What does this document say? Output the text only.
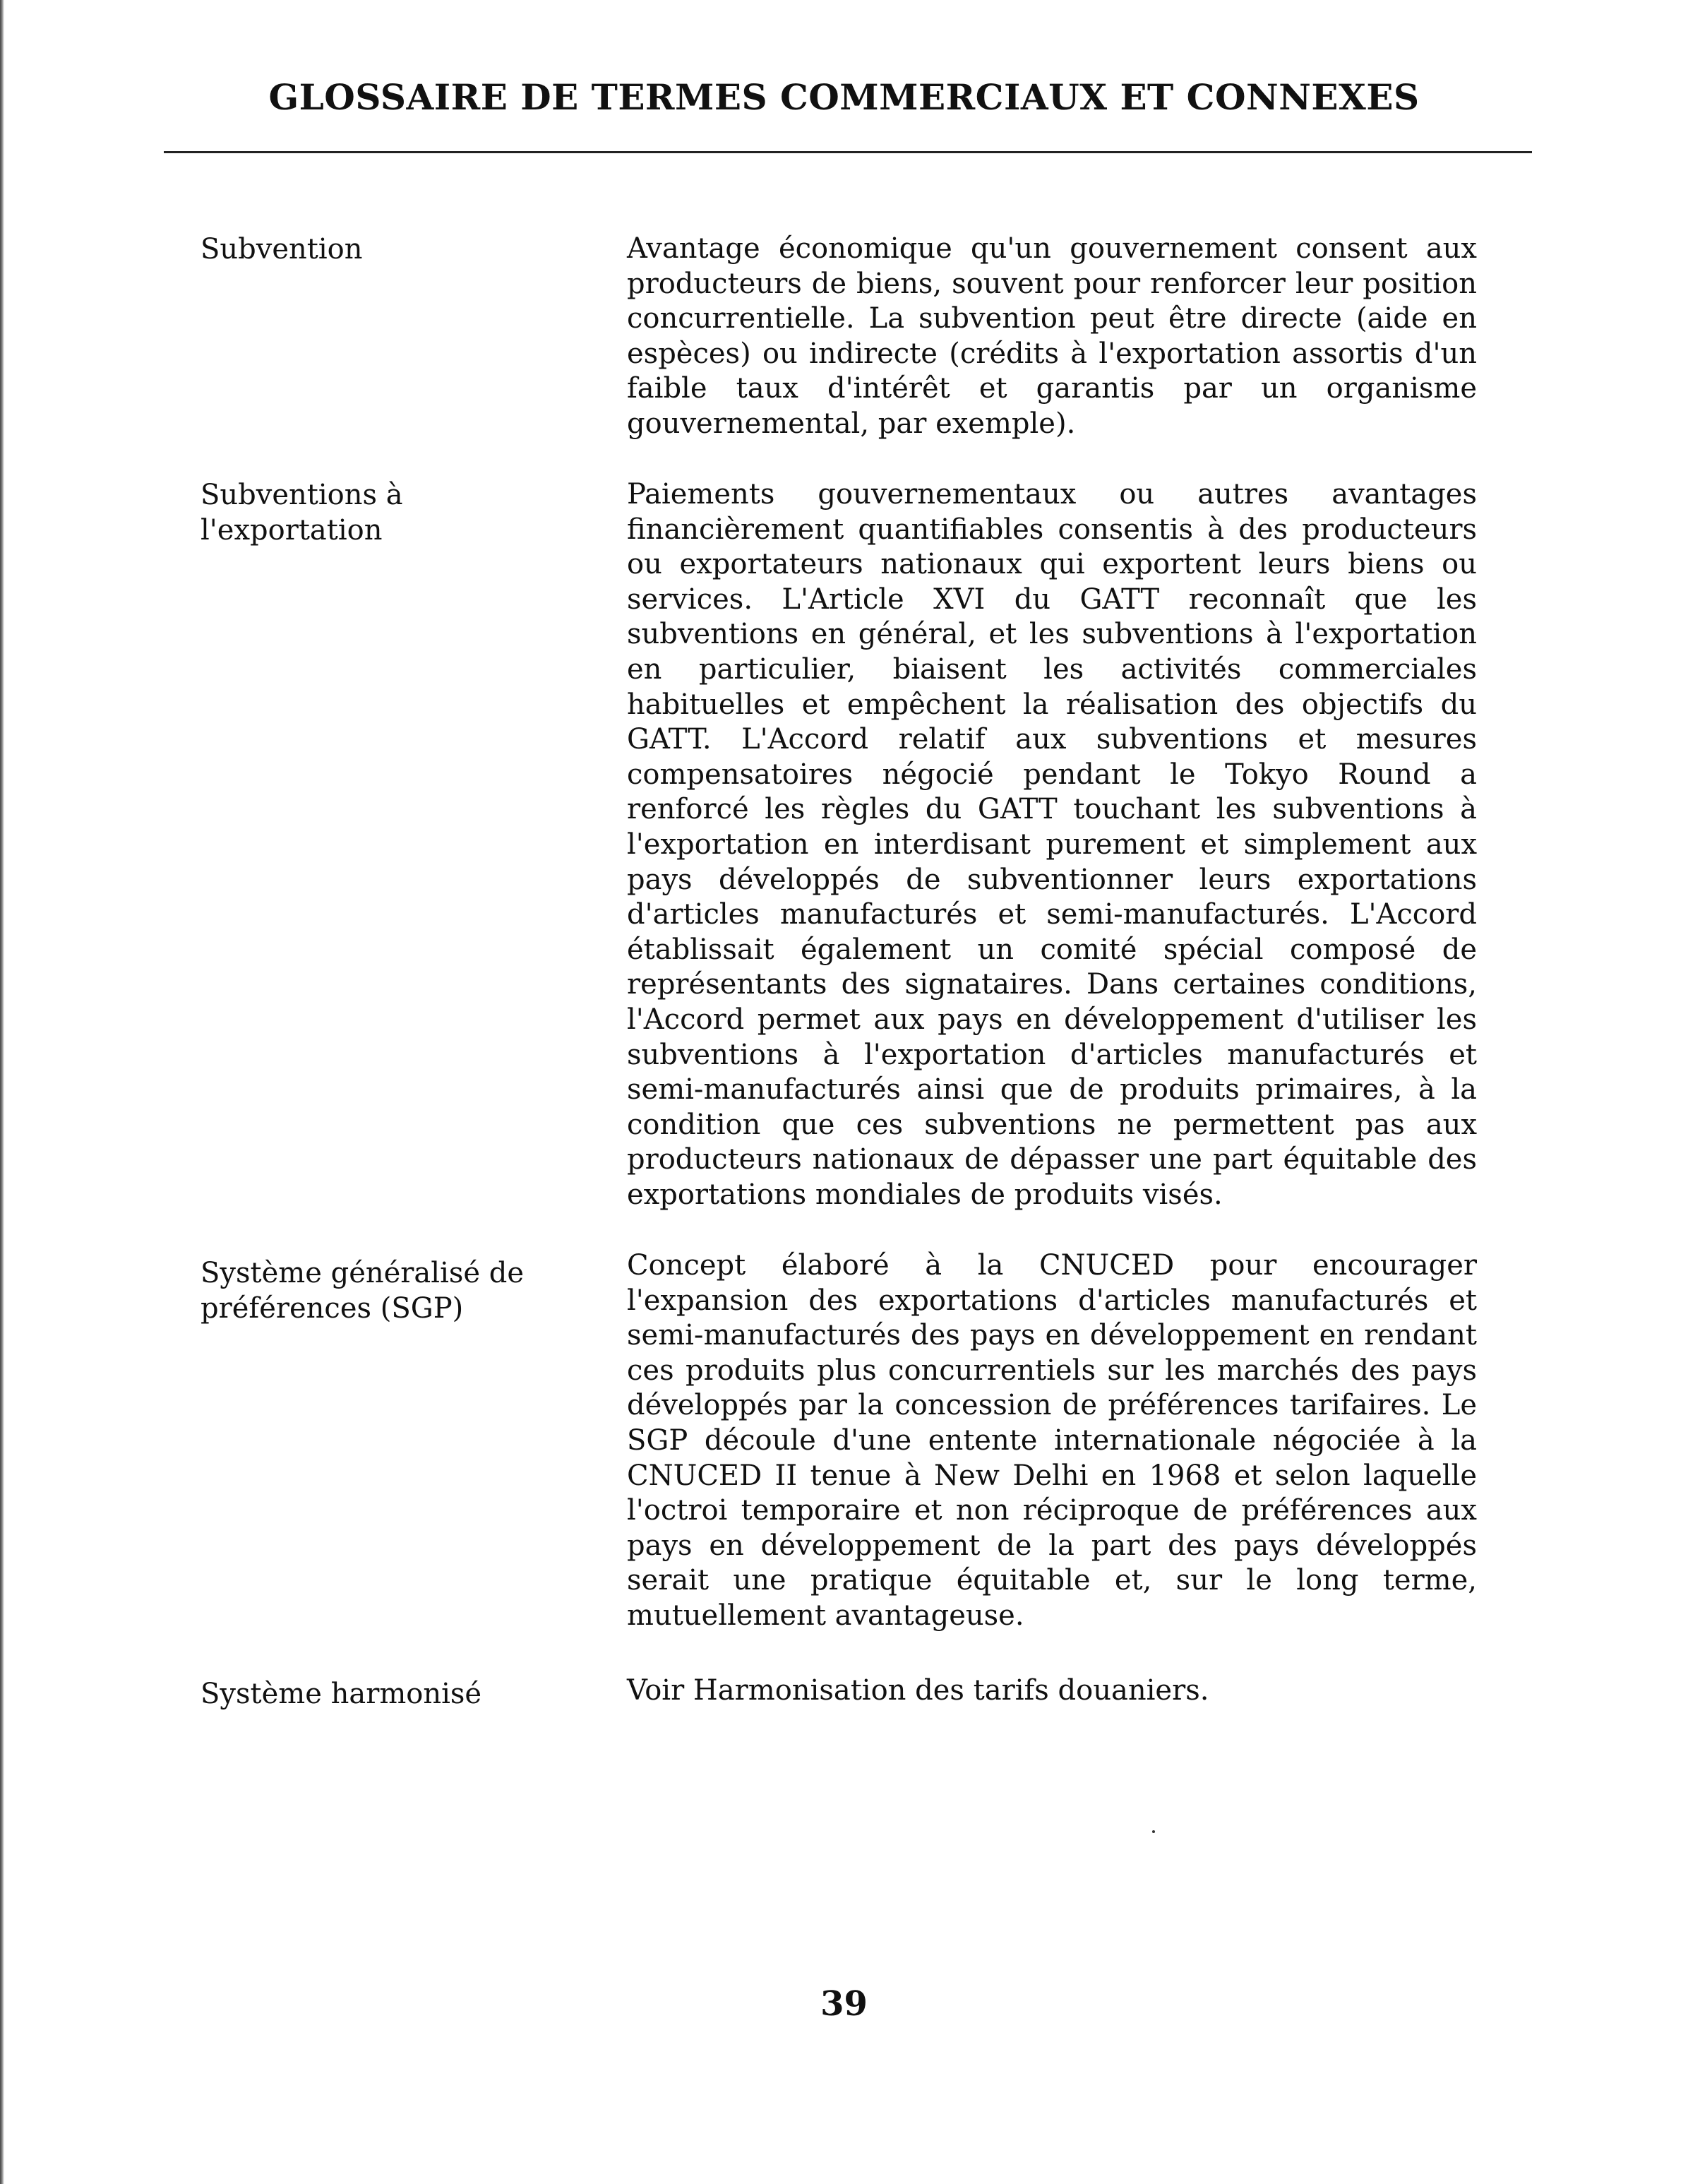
GLOSSAIRE DE TERMES COMMERCIAUX ET CONNEXES
Subvention	Avantage économique qu'un gouvernement consent aux producteurs de biens, souvent pour renforcer leur position concurrentielle. La subvention peut être directe (aide en espèces) ou indirecte (crédits à l'exportation assortis d'un faible taux d'intérêt et garantis par un organisme gouvernemental, par exemple).
Subventions à
l'exportation
Paiements gouvernementaux ou autres avantages financièrement quantifiables consentis à des producteurs ou exportateurs nationaux qui exportent leurs biens ou services. L'Article XVI du GATT reconnaît que les subventions en général, et les subventions à l'exportation en particulier, biaisent les activités commerciales habituelles et empêchent la réalisation des objectifs du GATT. L'Accord relatif aux subventions et mesures compensatoires négocié pendant le Tokyo Round a renforcé les règles du GATT touchant les subventions à l'exportation en interdisant purement et simplement aux pays développés de subventionner leurs exportations d'articles manufacturés et semi-manufacturés. L'Accord établissait également un comité spécial composé de représentants des signataires. Dans certaines conditions, l'Accord permet aux pays en développement d'utiliser les subventions à l'exportation d'articles manufacturés et semi-manufacturés ainsi que de produits primaires, à la condition que ces subventions ne permettent pas aux producteurs nationaux de dépasser une part équitable des exportations mondiales de produits visés.
Système généralisé de
préférences (SGP)
Concept élaboré à la CNUCED pour encourager l'expansion des exportations d'articles manufacturés et semi-manufacturés des pays en développement en rendant ces produits plus concurrentiels sur les marchés des pays développés par la concession de préférences tarifaires. Le SGP découle d'une entente internationale négociée à la CNUCED II tenue à New Delhi en 1968 et selon laquelle l'octroi temporaire et non réciproque de préférences aux pays en développement de la part des pays développés serait une pratique équitable et, sur le long terme, mutuellement avantageuse.
Système harmonisé	Voir Harmonisation des tarifs douaniers.
39
